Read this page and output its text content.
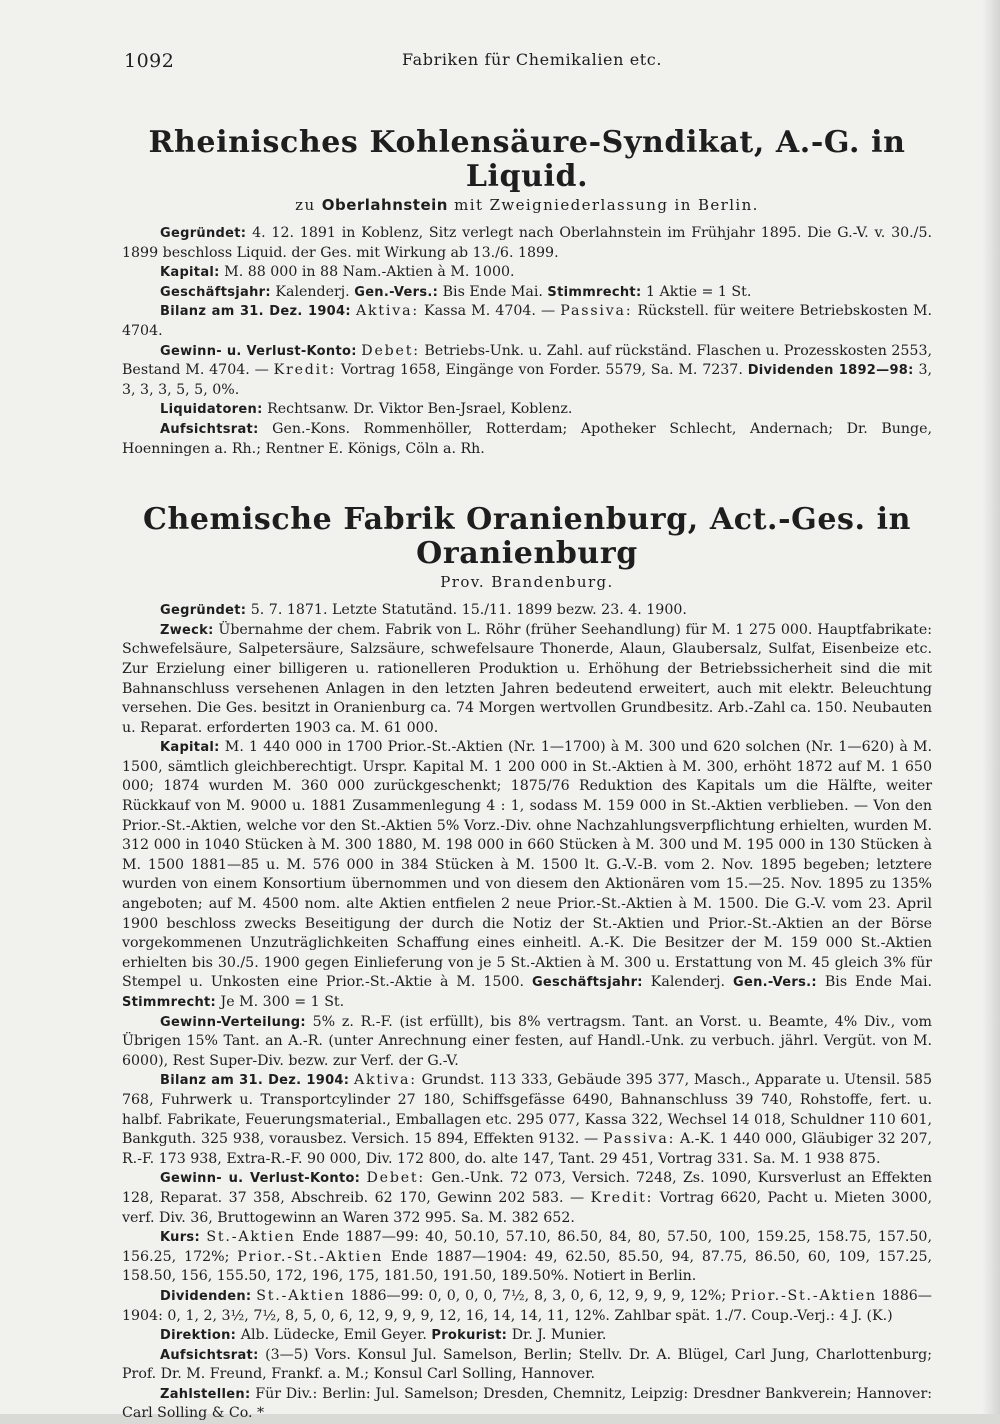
1092	Fabriken für Chemikalien etc.
Rheinisches Kohlensäure-Syndikat, A.-G. in Liquid.
zu Oberlahnstein mit Zweigniederlassung in Berlin.

Gegründet: 4. 12. 1891 in Koblenz, Sitz verlegt nach Oberlahnstein im Frühjahr 1895. Die G.-V. v. 30./5. 1899 beschloss Liquid. der Ges. mit Wirkung ab 13./6. 1899.

Kapital: M. 88 000 in 88 Nam.-Aktien à M. 1000.

Geschäftsjahr: Kalenderj. Gen.-Vers.: Bis Ende Mai. Stimmrecht: 1 Aktie = 1 St.

Bilanz am 31. Dez. 1904: Aktiva: Kassa M. 4704. — Passiva: Rückstell. für weitere Betriebskosten M. 4704.

Gewinn- u. Verlust-Konto: Debet: Betriebs-Unk. u. Zahl. auf rückständ. Flaschen u. Prozesskosten 2553, Bestand M. 4704. — Kredit: Vortrag 1658, Eingänge von Forder. 5579, Sa. M. 7237. Dividenden 1892—98: 3, 3, 3, 3, 5, 5, 0%.

Liquidatoren: Rechtsanw. Dr. Viktor Ben-Jsrael, Koblenz.

Aufsichtsrat: Gen.-Kons. Rommenhöller, Rotterdam; Apotheker Schlecht, Andernach; Dr. Bunge, Hoenningen a. Rh.; Rentner E. Königs, Cöln a. Rh.

Chemische Fabrik Oranienburg, Act.-Ges. in Oranienburg
Prov. Brandenburg.

Gegründet: 5. 7. 1871. Letzte Statutänd. 15./11. 1899 bezw. 23. 4. 1900.

Zweck: Übernahme der chem. Fabrik von L. Röhr (früher Seehandlung) für M. 1 275 000. Hauptfabrikate: Schwefelsäure, Salpetersäure, Salzsäure, schwefelsaure Thonerde, Alaun, Glaubersalz, Sulfat, Eisenbeize etc. Zur Erzielung einer billigeren u. rationelleren Produktion u. Erhöhung der Betriebssicherheit sind die mit Bahnanschluss versehenen Anlagen in den letzten Jahren bedeutend erweitert, auch mit elektr. Beleuchtung versehen. Die Ges. besitzt in Oranienburg ca. 74 Morgen wertvollen Grundbesitz. Arb.-Zahl ca. 150. Neubauten u. Reparat. erforderten 1903 ca. M. 61 000.

Kapital: M. 1 440 000 in 1700 Prior.-St.-Aktien (Nr. 1—1700) à M. 300 und 620 solchen (Nr. 1—620) à M. 1500, sämtlich gleichberechtigt. Urspr. Kapital M. 1 200 000 in St.-Aktien à M. 300, erhöht 1872 auf M. 1 650 000; 1874 wurden M. 360 000 zurückgeschenkt; 1875/76 Reduktion des Kapitals um die Hälfte, weiter Rückkauf von M. 9000 u. 1881 Zusammenlegung 4 : 1, sodass M. 159 000 in St.-Aktien verblieben. — Von den Prior.-St.-Aktien, welche vor den St.-Aktien 5% Vorz.-Div. ohne Nachzahlungsverpflichtung erhielten, wurden M. 312 000 in 1040 Stücken à M. 300 1880, M. 198 000 in 660 Stücken à M. 300 und M. 195 000 in 130 Stücken à M. 1500 1881—85 u. M. 576 000 in 384 Stücken à M. 1500 lt. G.-V.-B. vom 2. Nov. 1895 begeben; letztere wurden von einem Konsortium übernommen und von diesem den Aktionären vom 15.—25. Nov. 1895 zu 135% angeboten; auf M. 4500 nom. alte Aktien entfielen 2 neue Prior.-St.-Aktien à M. 1500. Die G.-V. vom 23. April 1900 beschloss zwecks Beseitigung der durch die Notiz der St.-Aktien und Prior.-St.-Aktien an der Börse vorgekommenen Unzuträglichkeiten Schaffung eines einheitl. A.-K. Die Besitzer der M. 159 000 St.-Aktien erhielten bis 30./5. 1900 gegen Einlieferung von je 5 St.-Aktien à M. 300 u. Erstattung von M. 45 gleich 3% für Stempel u. Unkosten eine Prior.-St.-Aktie à M. 1500. Geschäftsjahr: Kalenderj. Gen.-Vers.: Bis Ende Mai. Stimmrecht: Je M. 300 = 1 St.

Gewinn-Verteilung: 5% z. R.-F. (ist erfüllt), bis 8% vertragsm. Tant. an Vorst. u. Beamte, 4% Div., vom Übrigen 15% Tant. an A.-R. (unter Anrechnung einer festen, auf Handl.-Unk. zu verbuch. jährl. Vergüt. von M. 6000), Rest Super-Div. bezw. zur Verf. der G.-V.

Bilanz am 31. Dez. 1904: Aktiva: Grundst. 113 333, Gebäude 395 377, Masch., Apparate u. Utensil. 585 768, Fuhrwerk u. Transportcylinder 27 180, Schiffsgefässe 6490, Bahnanschluss 39 740, Rohstoffe, fert. u. halbf. Fabrikate, Feuerungsmaterial., Emballagen etc. 295 077, Kassa 322, Wechsel 14 018, Schuldner 110 601, Bankguth. 325 938, vorausbez. Versich. 15 894, Effekten 9132. — Passiva: A.-K. 1 440 000, Gläubiger 32 207, R.-F. 173 938, Extra-R.-F. 90 000, Div. 172 800, do. alte 147, Tant. 29 451, Vortrag 331. Sa. M. 1 938 875.

Gewinn- u. Verlust-Konto: Debet: Gen.-Unk. 72 073, Versich. 7248, Zs. 1090, Kursverlust an Effekten 128, Reparat. 37 358, Abschreib. 62 170, Gewinn 202 583. — Kredit: Vortrag 6620, Pacht u. Mieten 3000, verf. Div. 36, Bruttogewinn an Waren 372 995. Sa. M. 382 652.

Kurs: St.-Aktien Ende 1887—99: 40, 50.10, 57.10, 86.50, 84, 80, 57.50, 100, 159.25, 158.75, 157.50, 156.25, 172%; Prior.-St.-Aktien Ende 1887—1904: 49, 62.50, 85.50, 94, 87.75, 86.50, 60, 109, 157.25, 158.50, 156, 155.50, 172, 196, 175, 181.50, 191.50, 189.50%. Notiert in Berlin.

Dividenden: St.-Aktien 1886—99: 0, 0, 0, 0, 7½, 8, 3, 0, 6, 12, 9, 9, 9, 12%; Prior.-St.-Aktien 1886—1904: 0, 1, 2, 3½, 7½, 8, 5, 0, 6, 12, 9, 9, 9, 12, 16, 14, 14, 11, 12%. Zahlbar spät. 1./7. Coup.-Verj.: 4 J. (K.)

Direktion: Alb. Lüdecke, Emil Geyer. Prokurist: Dr. J. Munier.

Aufsichtsrat: (3—5) Vors. Konsul Jul. Samelson, Berlin; Stellv. Dr. A. Blügel, Carl Jung, Charlottenburg; Prof. Dr. M. Freund, Frankf. a. M.; Konsul Carl Solling, Hannover.

Zahlstellen: Für Div.: Berlin: Jul. Samelson; Dresden, Chemnitz, Leipzig: Dresdner Bankverein; Hannover: Carl Solling & Co. *
